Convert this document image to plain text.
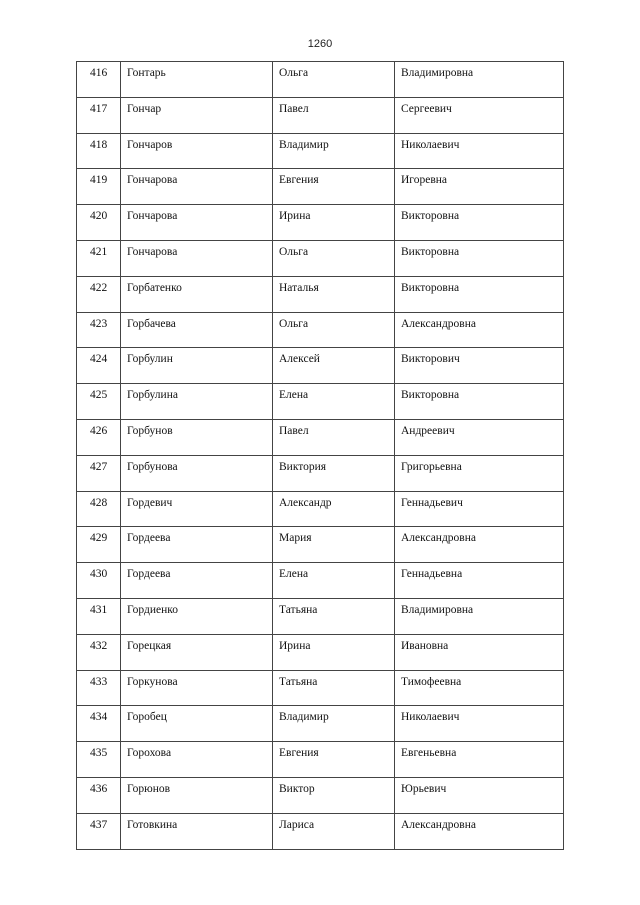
1260
416	Гонтарь	Ольга	Владимировна

417	Гончар	Павел	Сергеевич

418	Гончаров	Владимир	Николаевич

419	Гончарова	Евгения	Игоревна

420	Гончарова	Ирина	Викторовна

421	Гончарова	Ольга	Викторовна

422	Горбатенко	Наталья	Викторовна

423	Горбачева	Ольга	Александровна

424	Горбулин	Алексей	Викторович

425	Горбулина	Елена	Викторовна

426	Горбунов	Павел	Андреевич

427	Горбунова	Виктория	Григорьевна

428	Гордевич	Александр	Геннадьевич

429	Гордеева	Мария	Александровна

430	Гордеева	Елена	Геннадьевна

431	Гордиенко	Татьяна	Владимировна

432	Горецкая	Ирина	Ивановна

433	Горкунова	Татьяна	Тимофеевна

434	Горобец	Владимир	Николаевич

435	Горохова	Евгения	Евгеньевна

436	Горюнов	Виктор	Юрьевич

437	Готовкина	Лариса	Александровна
